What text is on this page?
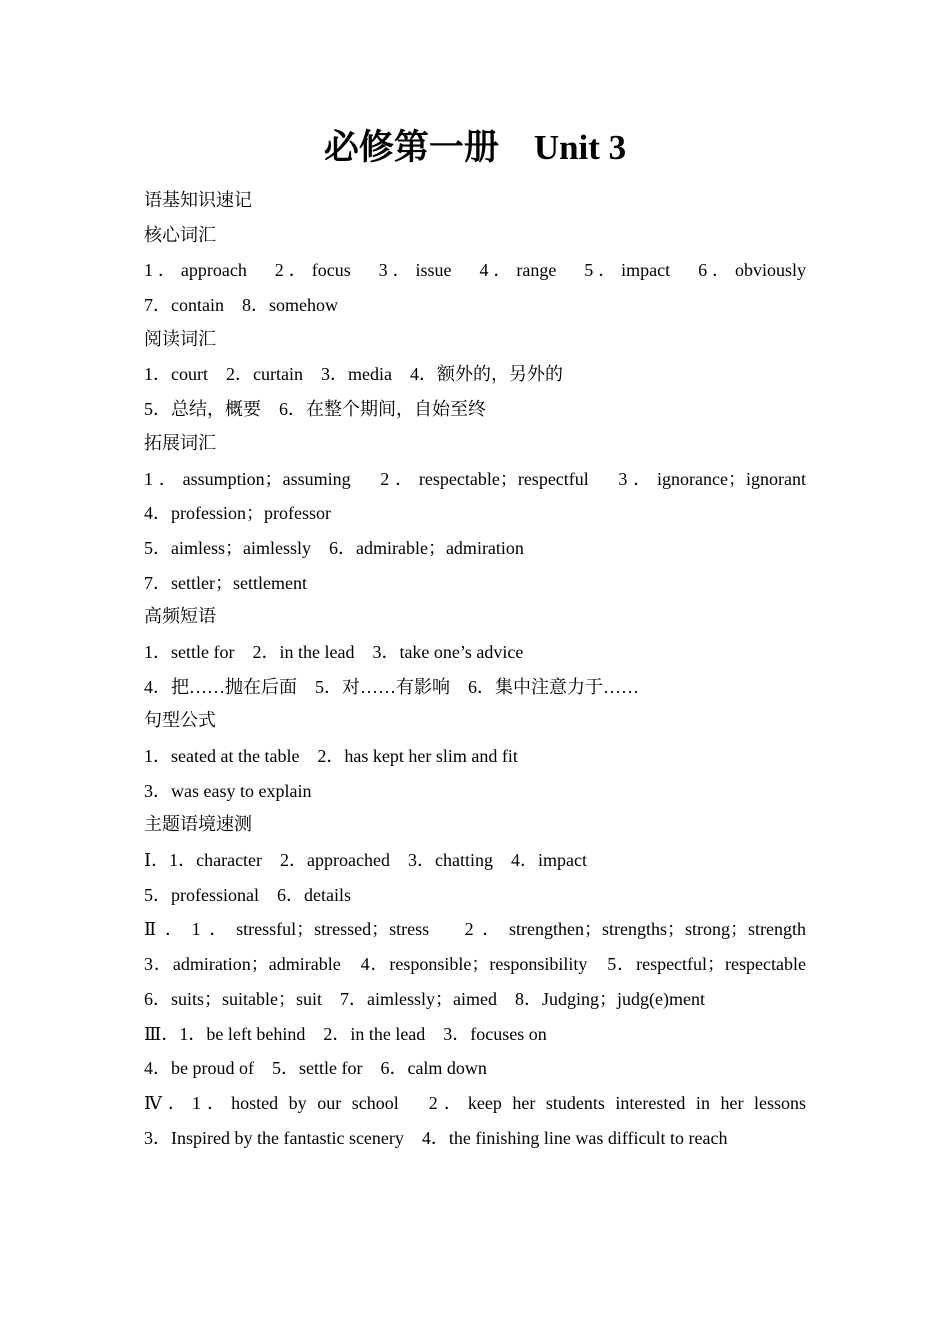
必修第一册　Unit 3
语基知识速记
核心词汇
1．approach　2．focus　3．issue　4．range　5．impact　6．obviously
7．contain　8．somehow
阅读词汇
1．court　2．curtain　3．media　4．额外的，另外的
5．总结，概要　6．在整个期间，自始至终
拓展词汇
1．assumption；assuming　2．respectable；respectful　3．ignorance；ignorant
4．profession；professor
5．aimless；aimlessly　6．admirable；admiration
7．settler；settlement
高频短语
1．settle for　2．in the lead　3．take one’s advice
4．把……抛在后面　5．对……有影响　6．集中注意力于……
句型公式
1．seated at the table　2．has kept her slim and fit
3．was easy to explain
主题语境速测
Ⅰ．1．character　2．approached　3．chatting　4．impact
5．professional　6．details
Ⅱ．1．stressful；stressed；stress　2．strengthen；strengths；strong；strength
3．admiration；admirable　4．responsible；responsibility　5．respectful；respectable　6．suits；suitable；suit　7．aimlessly；aimed　8．Judging；judg(e)ment
Ⅲ．1．be left behind　2．in the lead　3．focuses on
4．be proud of　5．settle for　6．calm down
Ⅳ．1．hosted by our school　2．keep her students interested in her lessons
3．Inspired by the fantastic scenery　4．the finishing line was difficult to reach
